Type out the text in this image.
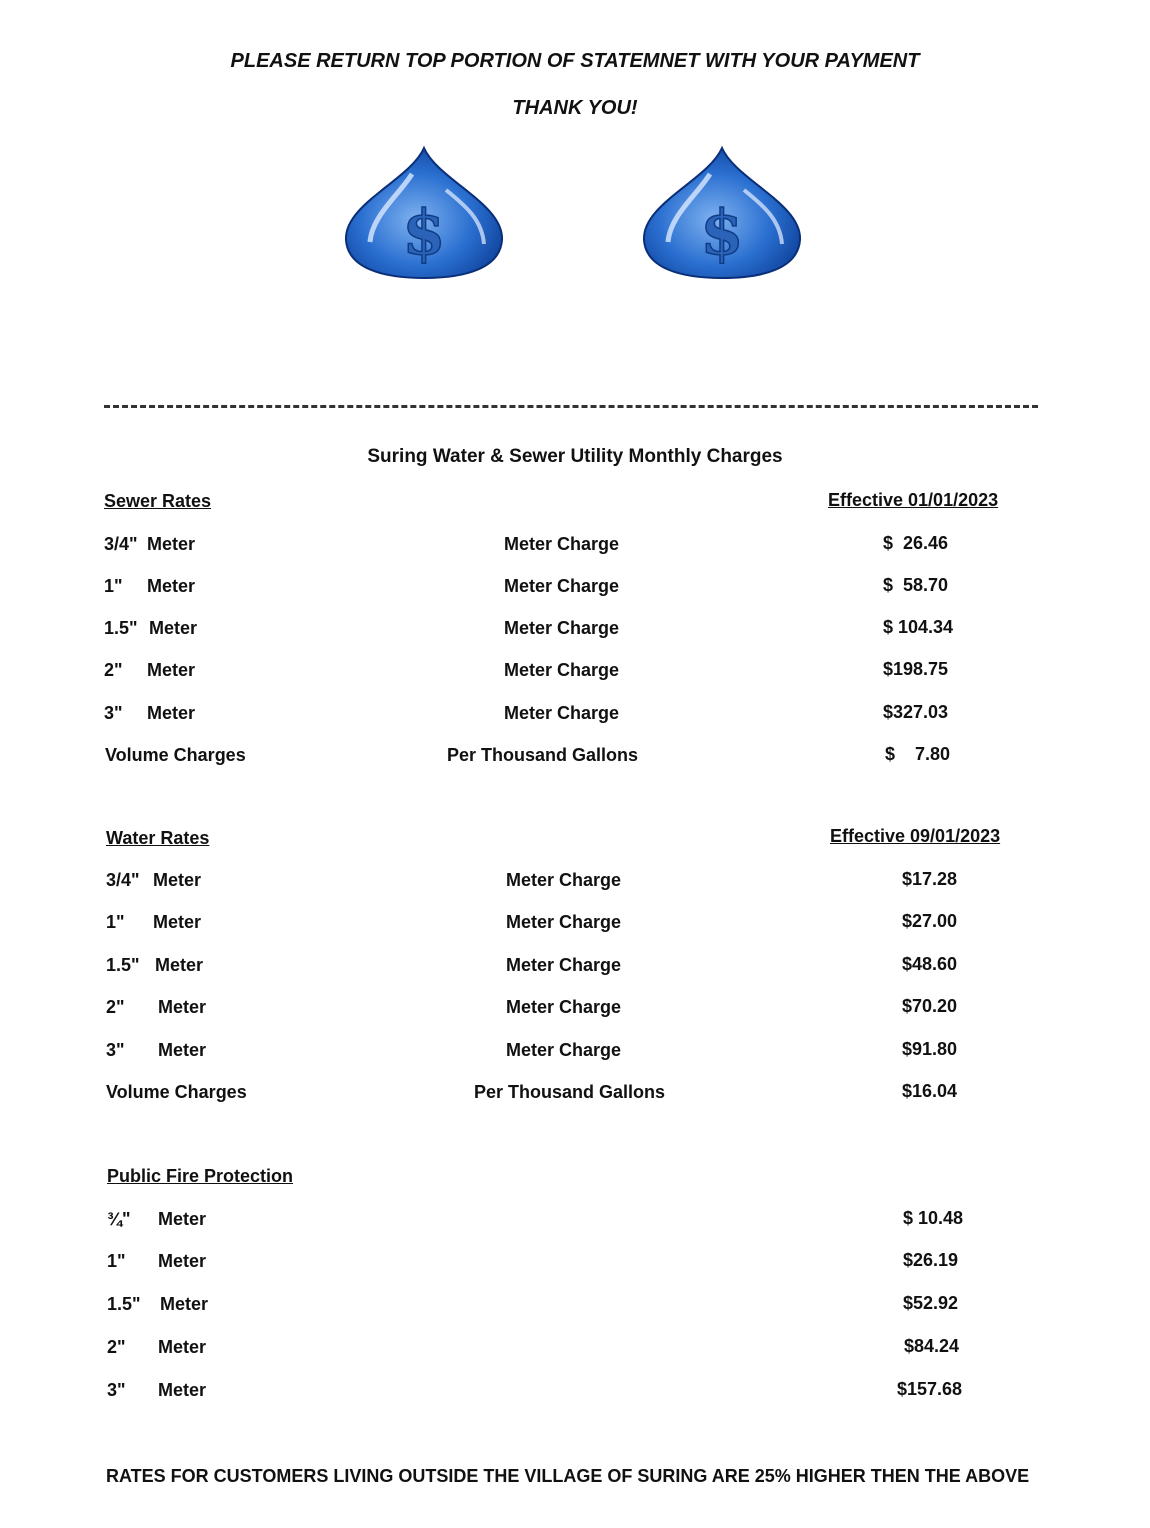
PLEASE RETURN TOP PORTION OF STATEMNET WITH YOUR PAYMENT
THANK YOU!
$	$
Suring Water & Sewer Utility Monthly Charges
Sewer Rates	Effective 01/01/2023
3/4" Meter	Meter Charge	$  26.46
1" Meter	Meter Charge	$  58.70
1.5" Meter	Meter Charge	$ 104.34
2" Meter	Meter Charge	$198.75
3" Meter	Meter Charge	$327.03
Volume Charges	Per Thousand Gallons	$    7.80
Water Rates	Effective 09/01/2023
3/4" Meter	Meter Charge	$17.28
1" Meter	Meter Charge	$27.00
1.5" Meter	Meter Charge	$48.60
2" Meter	Meter Charge	$70.20
3" Meter	Meter Charge	$91.80
Volume Charges	Per Thousand Gallons	$16.04
Public Fire Protection
¾" Meter	$ 10.48
1" Meter	$26.19
1.5" Meter	$52.92
2" Meter	$84.24
3" Meter	$157.68
RATES FOR CUSTOMERS LIVING OUTSIDE THE VILLAGE OF SURING ARE 25% HIGHER THEN THE ABOVE
